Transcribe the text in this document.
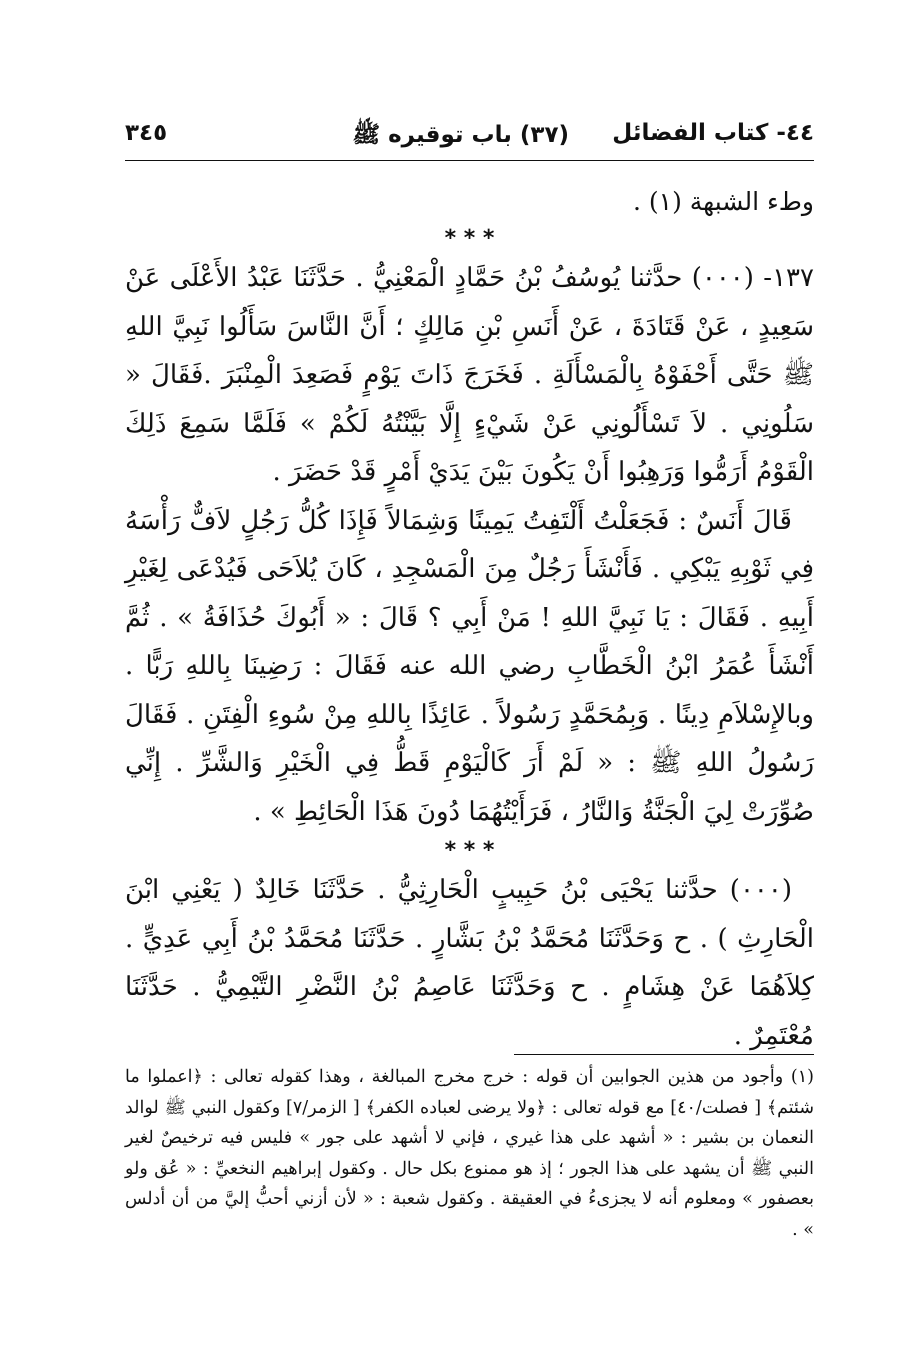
٤٤- كتاب الفضائل
(٣٧) باب توقيره ﷺ
٣٤٥

وطء الشبهة (١) .

* * *

١٣٧- (٠٠٠) حدَّثنا يُوسُفُ بْنُ حَمَّادٍ الْمَعْنِيُّ . حَدَّثَنَا عَبْدُ الأَعْلَى عَنْ سَعِيدٍ ، عَنْ قَتَادَةَ ، عَنْ أَنَسِ بْنِ مَالِكٍ ؛ أَنَّ النَّاسَ سَأَلُوا نَبِيَّ اللهِ ﷺ حَتَّى أَحْفَوْهُ بِالْمَسْأَلَةِ . فَخَرَجَ ذَاتَ يَوْمٍ فَصَعِدَ الْمِنْبَرَ .فَقَالَ « سَلُونِي . لاَ تَسْأَلُونِي عَنْ شَيْءٍ إِلَّا بَيَّنْتُهُ لَكُمْ » فَلَمَّا سَمِعَ ذَلِكَ الْقَوْمُ أَرَمُّوا وَرَهِبُوا أَنْ يَكُونَ بَيْنَ يَدَيْ أَمْرٍ قَدْ حَضَرَ .

قَالَ أَنَسٌ : فَجَعَلْتُ أَلْتَفِتُ يَمِينًا وَشِمَالاً فَإِذَا كُلُّ رَجُلٍ لاَفٌّ رَأْسَهُ فِي ثَوْبِهِ يَبْكِي . فَأَنْشَأَ رَجُلٌ مِنَ الْمَسْجِدِ ، كَانَ يُلاَحَى فَيُدْعَى لِغَيْرِ أَبِيهِ . فَقَالَ : يَا نَبِيَّ اللهِ ! مَنْ أَبِي ؟ قَالَ : « أَبُوكَ حُذَافَةُ » . ثُمَّ أَنْشَأَ عُمَرُ ابْنُ الْخَطَّابِ رضي الله عنه فَقَالَ : رَضِينَا بِاللهِ رَبًّا . وبالإِسْلاَمِ دِينًا . وَبِمُحَمَّدٍ رَسُولاً . عَائِذًا بِاللهِ مِنْ سُوءِ الْفِتَنِ . فَقَالَ رَسُولُ اللهِ ﷺ : « لَمْ أَرَ كَالْيَوْمِ قَطُّ فِي الْخَيْرِ وَالشَّرِّ . إِنِّي صُوِّرَتْ لِيَ الْجَنَّةُ وَالنَّارُ ، فَرَأَيْتُهُمَا دُونَ هَذَا الْحَائِطِ » .

* * *

(٠٠٠) حدَّثنا يَحْيَى بْنُ حَبِيبٍ الْحَارِثِيُّ . حَدَّثَنَا خَالِدٌ ( يَعْنِي ابْنَ الْحَارِثِ ) . ح وَحَدَّثَنَا مُحَمَّدُ بْنُ بَشَّارٍ . حَدَّثَنَا مُحَمَّدُ بْنُ أَبِي عَدِيٍّ . كِلاَهُمَا عَنْ هِشَامٍ . ح وَحَدَّثَنَا عَاصِمُ بْنُ النَّضْرِ التَّيْمِيُّ . حَدَّثَنَا مُعْتَمِرٌ .

(١) وأجود من هذين الجوابين أن قوله : خرج مخرج المبالغة ، وهذا كقوله تعالى : ﴿اعملوا ما شئتم﴾ [ فصلت/٤٠] مع قوله تعالى : ﴿ولا يرضى لعباده الكفر﴾ [ الزمر/٧] وكقول النبي ﷺ لوالد النعمان بن بشير : « أشهد على هذا غيري ، فإني لا أشهد على جور » فليس فيه ترخيصٌ لغير النبي ﷺ أن يشهد على هذا الجور ؛ إذ هو ممنوع بكل حال . وكقول إبراهيم النخعيِّ : « عُق ولو بعصفور » ومعلوم أنه لا يجزىءُ في العقيقة . وكقول شعبة : « لأن أزني أحبُّ إليَّ من أن أدلس » .
